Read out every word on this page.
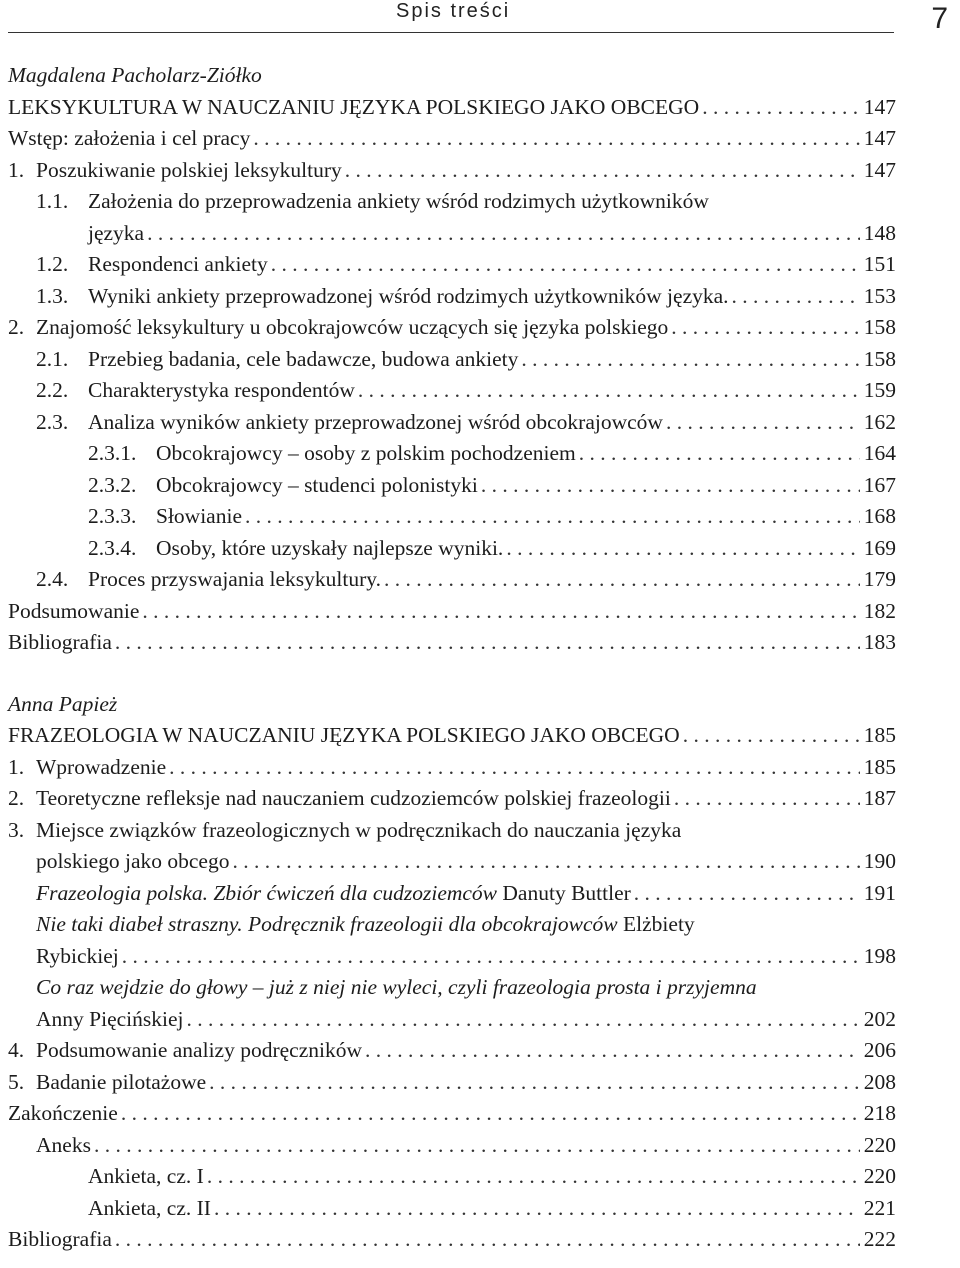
Spis treści	7
Magdalena Pacholarz-Ziółko
LEKSYKULTURA W NAUCZANIU JĘZYKA POLSKIEGO JAKO OBCEGO . . .	147
Wstęp: założenia i cel pracy . . .	147
1. Poszukiwanie polskiej leksykultury . . .	147
1.1. Założenia do przeprowadzenia ankiety wśród rodzimych użytkowników
języka . . .	148
1.2. Respondenci ankiety . . .	151
1.3. Wyniki ankiety przeprowadzonej wśród rodzimych użytkowników języka. . . .	153
2. Znajomość leksykultury u obcokrajowców uczących się języka polskiego . . .	158
2.1. Przebieg badania, cele badawcze, budowa ankiety . . .	158
2.2. Charakterystyka respondentów . . .	159
2.3. Analiza wyników ankiety przeprowadzonej wśród obcokrajowców . . .	162
2.3.1. Obcokrajowcy – osoby z polskim pochodzeniem . . .	164
2.3.2. Obcokrajowcy – studenci polonistyki . . .	167
2.3.3. Słowianie . . .	168
2.3.4. Osoby, które uzyskały najlepsze wyniki. . . .	169
2.4. Proces przyswajania leksykultury. . . .	179
Podsumowanie . . .	182
Bibliografia . . .	183
Anna Papież
FRAZEOLOGIA W NAUCZANIU JĘZYKA POLSKIEGO JAKO OBCEGO . . .	185
1. Wprowadzenie . . .	185
2. Teoretyczne refleksje nad nauczaniem cudzoziemców polskiej frazeologii . . .	187
3. Miejsce związków frazeologicznych w podręcznikach do nauczania języka
polskiego jako obcego . . .	190
Frazeologia polska. Zbiór ćwiczeń dla cudzoziemców Danuty Buttler . . .	191
Nie taki diabeł straszny. Podręcznik frazeologii dla obcokrajowców Elżbiety
Rybickiej . . .	198
Co raz wejdzie do głowy – już z niej nie wyleci, czyli frazeologia prosta i przyjemna
Anny Pięcińskiej . . .	202
4. Podsumowanie analizy podręczników . . .	206
5. Badanie pilotażowe . . .	208
Zakończenie . . .	218
Aneks . . .	220
Ankieta, cz. I . . .	220
Ankieta, cz. II . . .	221
Bibliografia . . .	222
